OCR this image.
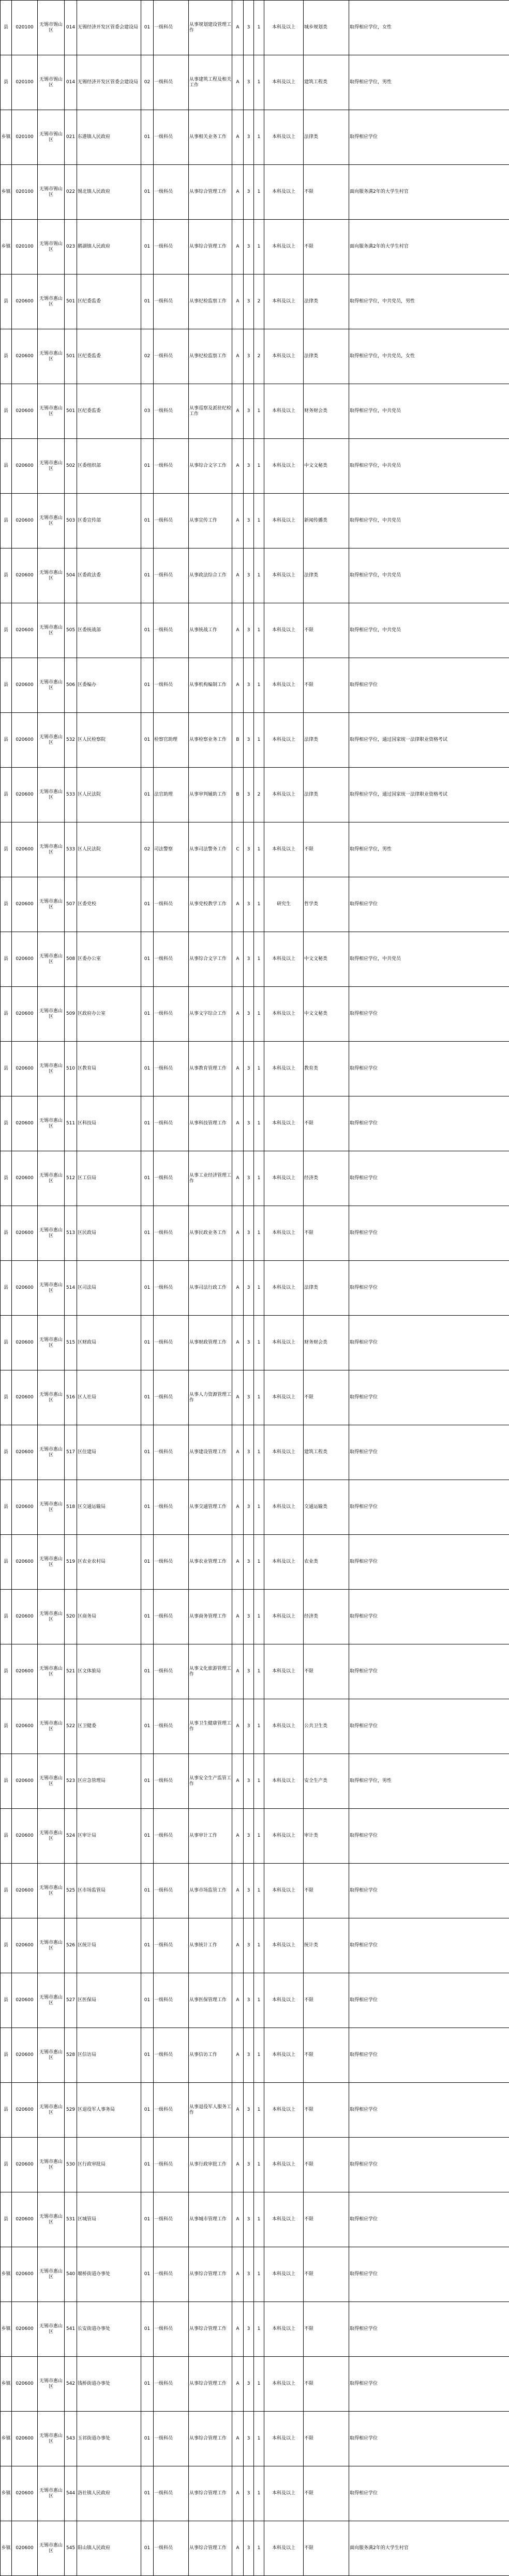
县	020100	无锡市锡山区	014	无锡经济开发区管委会建设局	01	一级科员	从事规划建设管理工作	A	3	1	本科及以上	城乡规划类	取得相应学位，女性
县	020100	无锡市锡山区	014	无锡经济开发区管委会建设局	02	一级科员	从事建筑工程及相关工作	A	3	1	本科及以上	建筑工程类	取得相应学位，男性
乡镇	020100	无锡市锡山区	021	东港镇人民政府	01	一级科员	从事相关业务工作	A	3	1	本科及以上	法律类	取得相应学位
乡镇	020100	无锡市锡山区	022	锡北镇人民政府	01	一级科员	从事综合管理工作	A	3	1	本科及以上	不限	面向服务满2年的大学生村官
乡镇	020100	无锡市锡山区	023	鹅湖镇人民政府	01	一级科员	从事综合管理工作	A	3	1	本科及以上	不限	面向服务满2年的大学生村官
县	020600	无锡市惠山区	501	区纪委监委	01	一级科员	从事纪检监察工作	A	3	2	本科及以上	法律类	取得相应学位，中共党员，男性
县	020600	无锡市惠山区	501	区纪委监委	02	一级科员	从事纪检监察工作	A	3	2	本科及以上	法律类	取得相应学位，中共党员，女性
县	020600	无锡市惠山区	501	区纪委监委	03	一级科员	从事巡察及派驻纪检工作	A	3	1	本科及以上	财务财会类	取得相应学位，中共党员
县	020600	无锡市惠山区	502	区委组织部	01	一级科员	从事综合文字工作	A	3	1	本科及以上	中文文秘类	取得相应学位，中共党员
县	020600	无锡市惠山区	503	区委宣传部	01	一级科员	从事宣传工作	A	3	1	本科及以上	新闻传播类	取得相应学位，中共党员
县	020600	无锡市惠山区	504	区委政法委	01	一级科员	从事政法综合工作	A	3	1	本科及以上	法律类	取得相应学位，中共党员
县	020600	无锡市惠山区	505	区委统战部	01	一级科员	从事统战工作	A	3	1	本科及以上	不限	取得相应学位，中共党员
县	020600	无锡市惠山区	506	区委编办	01	一级科员	从事机构编制工作	A	3	1	本科及以上	不限	取得相应学位
县	020600	无锡市惠山区	532	区人民检察院	01	检察官助理	从事检察业务工作	B	3	1	本科及以上	法律类	取得相应学位，通过国家统一法律职业资格考试
县	020600	无锡市惠山区	533	区人民法院	01	法官助理	从事审判辅助工作	B	3	2	本科及以上	法律类	取得相应学位，通过国家统一法律职业资格考试
县	020600	无锡市惠山区	533	区人民法院	02	司法警察	从事司法警务工作	C	3	1	本科及以上	不限	取得相应学位，男性
县	020600	无锡市惠山区	507	区委党校	01	一级科员	从事党校教学工作	A	3	1	研究生	哲学类	取得相应学位
县	020600	无锡市惠山区	508	区委办公室	01	一级科员	从事综合文字工作	A	3	1	本科及以上	中文文秘类	取得相应学位，中共党员
县	020600	无锡市惠山区	509	区政府办公室	01	一级科员	从事文字综合工作	A	3	1	本科及以上	中文文秘类	取得相应学位
县	020600	无锡市惠山区	510	区教育局	01	一级科员	从事教育管理工作	A	3	1	本科及以上	教育类	取得相应学位
县	020600	无锡市惠山区	511	区科技局	01	一级科员	从事科技管理工作	A	3	1	本科及以上	不限	取得相应学位
县	020600	无锡市惠山区	512	区工信局	01	一级科员	从事工业经济管理工作	A	3	1	本科及以上	经济类	取得相应学位
县	020600	无锡市惠山区	513	区民政局	01	一级科员	从事民政业务工作	A	3	1	本科及以上	不限	取得相应学位
县	020600	无锡市惠山区	514	区司法局	01	一级科员	从事司法行政工作	A	3	1	本科及以上	法律类	取得相应学位
县	020600	无锡市惠山区	515	区财政局	01	一级科员	从事财政管理工作	A	3	1	本科及以上	财务财会类	取得相应学位
县	020600	无锡市惠山区	516	区人社局	01	一级科员	从事人力资源管理工作	A	3	1	本科及以上	不限	取得相应学位
县	020600	无锡市惠山区	517	区住建局	01	一级科员	从事建设管理工作	A	3	1	本科及以上	建筑工程类	取得相应学位
县	020600	无锡市惠山区	518	区交通运输局	01	一级科员	从事交通管理工作	A	3	1	本科及以上	交通运输类	取得相应学位
县	020600	无锡市惠山区	519	区农业农村局	01	一级科员	从事农业管理工作	A	3	1	本科及以上	农业类	取得相应学位
县	020600	无锡市惠山区	520	区商务局	01	一级科员	从事商务管理工作	A	3	1	本科及以上	经济类	取得相应学位
县	020600	无锡市惠山区	521	区文体旅局	01	一级科员	从事文化旅游管理工作	A	3	1	本科及以上	不限	取得相应学位
县	020600	无锡市惠山区	522	区卫健委	01	一级科员	从事卫生健康管理工作	A	3	1	本科及以上	公共卫生类	取得相应学位
县	020600	无锡市惠山区	523	区应急管理局	01	一级科员	从事安全生产监管工作	A	3	1	本科及以上	安全生产类	取得相应学位，男性
县	020600	无锡市惠山区	524	区审计局	01	一级科员	从事审计工作	A	3	1	本科及以上	审计类	取得相应学位
县	020600	无锡市惠山区	525	区市场监管局	01	一级科员	从事市场监管工作	A	3	1	本科及以上	不限	取得相应学位
县	020600	无锡市惠山区	526	区统计局	01	一级科员	从事统计工作	A	3	1	本科及以上	统计类	取得相应学位
县	020600	无锡市惠山区	527	区医保局	01	一级科员	从事医保管理工作	A	3	1	本科及以上	不限	取得相应学位
县	020600	无锡市惠山区	528	区信访局	01	一级科员	从事信访工作	A	3	1	本科及以上	不限	取得相应学位
县	020600	无锡市惠山区	529	区退役军人事务局	01	一级科员	从事退役军人服务工作	A	3	1	本科及以上	不限	取得相应学位
县	020600	无锡市惠山区	530	区行政审批局	01	一级科员	从事行政审批工作	A	3	1	本科及以上	不限	取得相应学位
县	020600	无锡市惠山区	531	区城管局	01	一级科员	从事城市管理工作	A	3	1	本科及以上	不限	取得相应学位
乡镇	020600	无锡市惠山区	540	堰桥街道办事处	01	一级科员	从事综合管理工作	A	3	1	本科及以上	不限	取得相应学位
乡镇	020600	无锡市惠山区	541	长安街道办事处	01	一级科员	从事综合管理工作	A	3	1	本科及以上	不限	取得相应学位
乡镇	020600	无锡市惠山区	542	钱桥街道办事处	01	一级科员	从事综合管理工作	A	3	1	本科及以上	不限	取得相应学位
乡镇	020600	无锡市惠山区	543	玉祁街道办事处	01	一级科员	从事综合管理工作	A	3	1	本科及以上	不限	取得相应学位
乡镇	020600	无锡市惠山区	544	洛社镇人民政府	01	一级科员	从事综合管理工作	A	3	1	本科及以上	不限	取得相应学位
乡镇	020600	无锡市惠山区	545	阳山镇人民政府	01	一级科员	从事综合管理工作	A	3	1	本科及以上	不限	面向服务满2年的大学生村官
